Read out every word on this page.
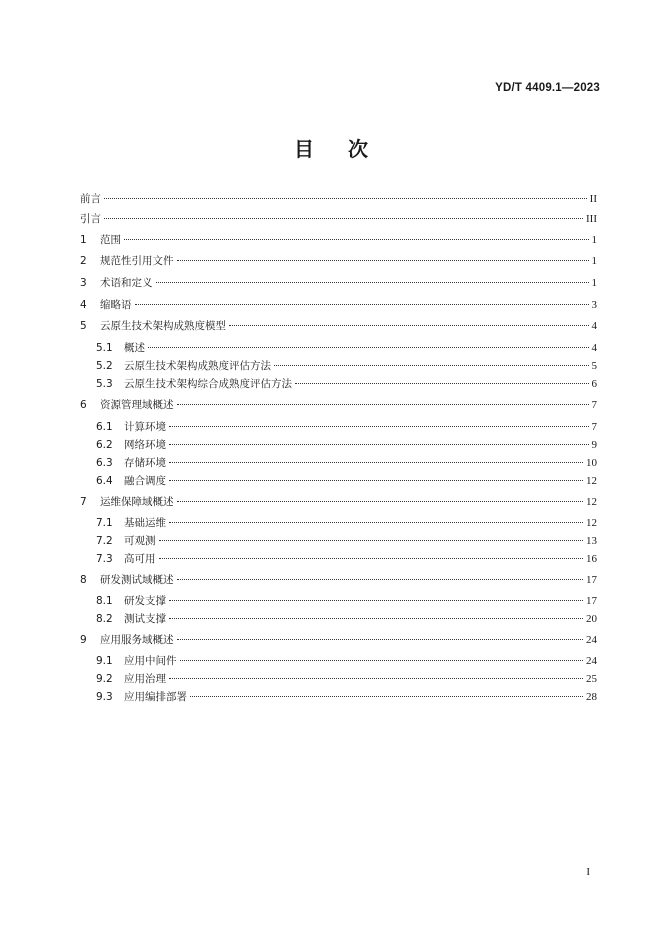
YD/T 4409.1—2023
目 次
前言	II
引言	III
1	范围	1
2	规范性引用文件	1
3	术语和定义	1
4	缩略语	3
5	云原生技术架构成熟度模型	4
5.1	概述	4
5.2	云原生技术架构成熟度评估方法	5
5.3	云原生技术架构综合成熟度评估方法	6
6	资源管理域概述	7
6.1	计算环境	7
6.2	网络环境	9
6.3	存储环境	10
6.4	融合调度	12
7	运维保障域概述	12
7.1	基础运维	12
7.2	可观测	13
7.3	高可用	16
8	研发测试域概述	17
8.1	研发支撑	17
8.2	测试支撑	20
9	应用服务域概述	24
9.1	应用中间件	24
9.2	应用治理	25
9.3	应用编排部署	28
I
